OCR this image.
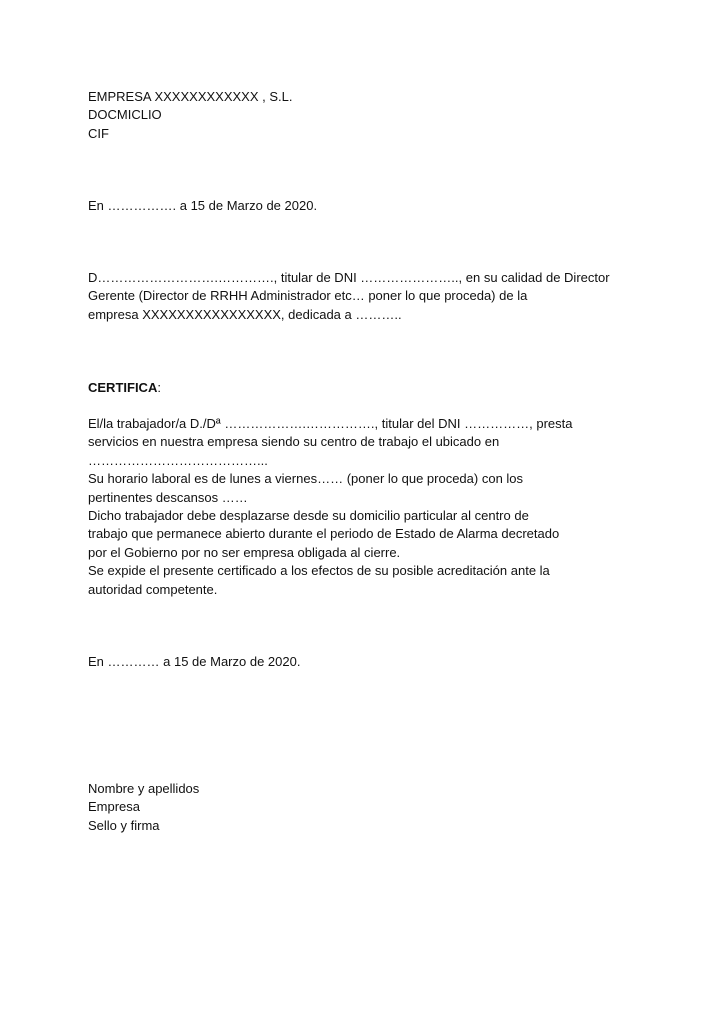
EMPRESA XXXXXXXXXXXX , S.L.
DOCMICLIO
CIF
En ……………. a 15 de Marzo de 2020.
D……………………….…………., titular de DNI ………………….., en su calidad de Director
Gerente (Director de RRHH Administrador etc… poner lo que proceda) de la
empresa XXXXXXXXXXXXXXXX, dedicada a ………..
CERTIFICA:
El/la trabajador/a D./Dª ……………….……………., titular del DNI ……………, presta
servicios en nuestra empresa siendo su centro de trabajo el ubicado en
…………………………………...
Su horario laboral es de lunes a viernes…… (poner lo que proceda) con los
pertinentes descansos ……
Dicho trabajador debe desplazarse desde su domicilio particular al centro de
trabajo que permanece abierto durante el periodo de Estado de Alarma decretado
por el Gobierno por no ser empresa obligada al cierre.
Se expide el presente certificado a los efectos de su posible acreditación ante la
autoridad competente.
En ………… a 15 de Marzo de 2020.
Nombre y apellidos
Empresa
Sello y firma
